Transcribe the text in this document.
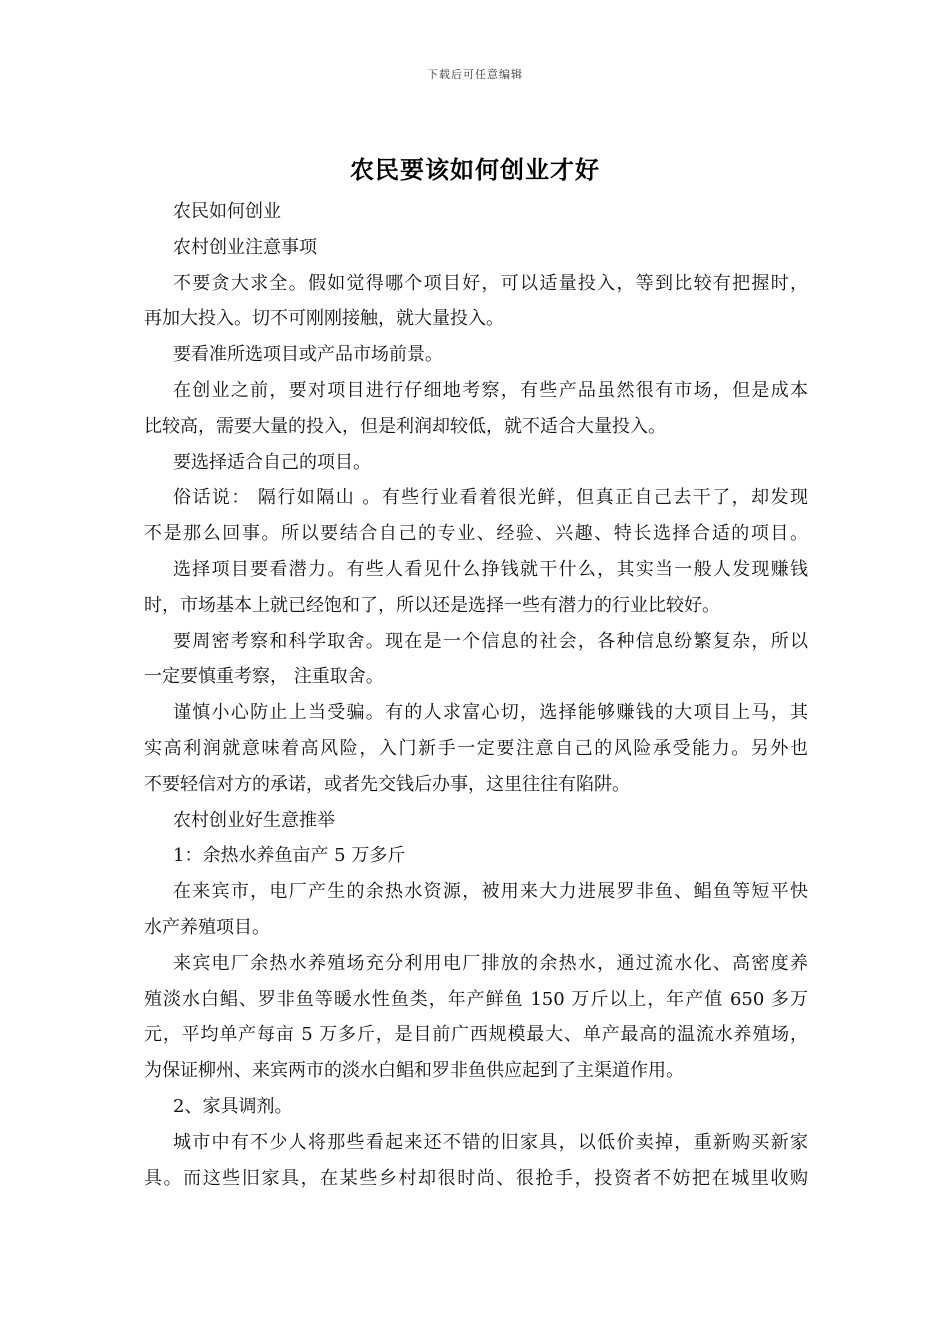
下载后可任意编辑
农民要该如何创业才好
农民如何创业
农村创业注意事项
不要贪大求全。假如觉得哪个项目好，可以适量投入，等到比较有把握时，
再加大投入。切不可刚刚接触，就大量投入。
要看准所选项目或产品市场前景。
在创业之前，要对项目进行仔细地考察，有些产品虽然很有市场，但是成本
比较高，需要大量的投入，但是利润却较低，就不适合大量投入。
要选择适合自己的项目。
俗话说： 隔行如隔山 。有些行业看着很光鲜，但真正自己去干了，却发现
不是那么回事。所以要结合自己的专业、经验、兴趣、特长选择合适的项目。
选择项目要看潜力。有些人看见什么挣钱就干什么，其实当一般人发现赚钱
时，市场基本上就已经饱和了，所以还是选择一些有潜力的行业比较好。
要周密考察和科学取舍。现在是一个信息的社会，各种信息纷繁复杂，所以
一定要慎重考察， 注重取舍。
谨慎小心防止上当受骗。有的人求富心切，选择能够赚钱的大项目上马，其
实高利润就意味着高风险，入门新手一定要注意自己的风险承受能力。另外也
不要轻信对方的承诺，或者先交钱后办事，这里往往有陷阱。
农村创业好生意推举
1：余热水养鱼亩产 5 万多斤
在来宾市，电厂产生的余热水资源，被用来大力进展罗非鱼、鲳鱼等短平快
水产养殖项目。
来宾电厂余热水养殖场充分利用电厂排放的余热水，通过流水化、高密度养
殖淡水白鲳、罗非鱼等暖水性鱼类，年产鲜鱼 150 万斤以上，年产值 650 多万
元，平均单产每亩 5 万多斤，是目前广西规模最大、单产最高的温流水养殖场，
为保证柳州、来宾两市的淡水白鲳和罗非鱼供应起到了主渠道作用。
2、家具调剂。
城市中有不少人将那些看起来还不错的旧家具，以低价卖掉，重新购买新家
具。而这些旧家具，在某些乡村却很时尚、很抢手，投资者不妨把在城里收购
